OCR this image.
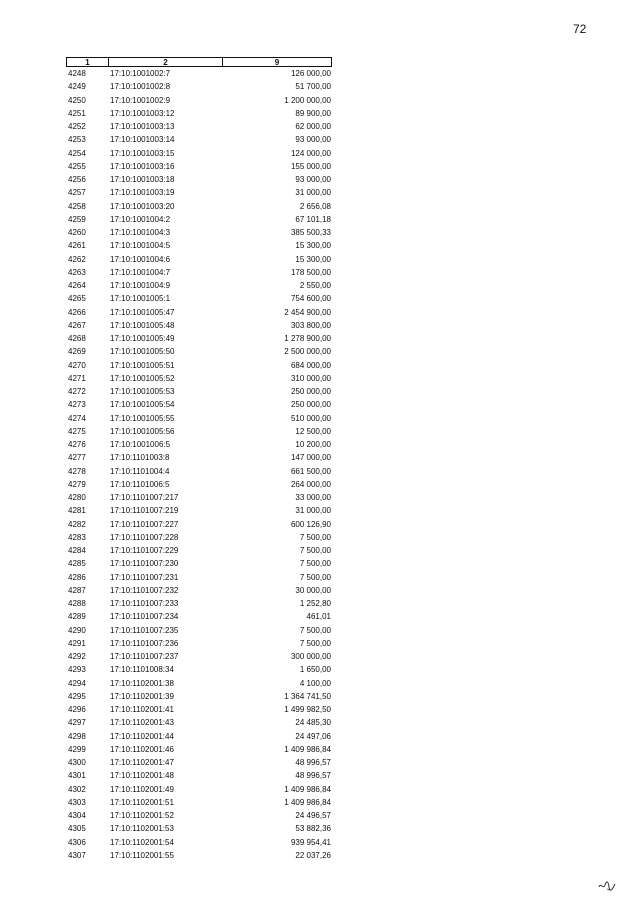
72
1	2	9
4248	17:10:1001002:7	126 000,00
4249	17:10:1001002:8	51 700,00
4250	17:10:1001002:9	1 200 000,00
4251	17:10:1001003:12	89 900,00
4252	17:10:1001003:13	62 000,00
4253	17:10:1001003:14	93 000,00
4254	17:10:1001003:15	124 000,00
4255	17:10:1001003:16	155 000,00
4256	17:10:1001003:18	93 000,00
4257	17:10:1001003:19	31 000,00
4258	17:10:1001003:20	2 656,08
4259	17:10:1001004:2	67 101,18
4260	17:10:1001004:3	385 500,33
4261	17:10:1001004:5	15 300,00
4262	17:10:1001004:6	15 300,00
4263	17:10:1001004:7	178 500,00
4264	17:10:1001004:9	2 550,00
4265	17:10:1001005:1	754 600,00
4266	17:10:1001005:47	2 454 900,00
4267	17:10:1001005:48	303 800,00
4268	17:10:1001005:49	1 278 900,00
4269	17:10:1001005:50	2 500 000,00
4270	17:10:1001005:51	684 000,00
4271	17:10:1001005:52	310 000,00
4272	17:10:1001005:53	250 000,00
4273	17:10:1001005:54	250 000,00
4274	17:10:1001005:55	510 000,00
4275	17:10:1001005:56	12 500,00
4276	17:10:1001006:5	10 200,00
4277	17:10:1101003:8	147 000,00
4278	17:10:1101004:4	661 500,00
4279	17:10:1101006:5	264 000,00
4280	17:10:1101007:217	33 000,00
4281	17:10:1101007:219	31 000,00
4282	17:10:1101007:227	600 126,90
4283	17:10:1101007:228	7 500,00
4284	17:10:1101007:229	7 500,00
4285	17:10:1101007:230	7 500,00
4286	17:10:1101007:231	7 500,00
4287	17:10:1101007:232	30 000,00
4288	17:10:1101007:233	1 252,80
4289	17:10:1101007:234	461,01
4290	17:10:1101007:235	7 500,00
4291	17:10:1101007:236	7 500,00
4292	17:10:1101007:237	300 000,00
4293	17:10:1101008:34	1 650,00
4294	17:10:1102001:38	4 100,00
4295	17:10:1102001:39	1 364 741,50
4296	17:10:1102001:41	1 499 982,50
4297	17:10:1102001:43	24 485,30
4298	17:10:1102001:44	24 497,06
4299	17:10:1102001:46	1 409 986,84
4300	17:10:1102001:47	48 996,57
4301	17:10:1102001:48	48 996,57
4302	17:10:1102001:49	1 409 986,84
4303	17:10:1102001:51	1 409 986,84
4304	17:10:1102001:52	24 496,57
4305	17:10:1102001:53	53 882,36
4306	17:10:1102001:54	939 954,41
4307	17:10:1102001:55	22 037,26
